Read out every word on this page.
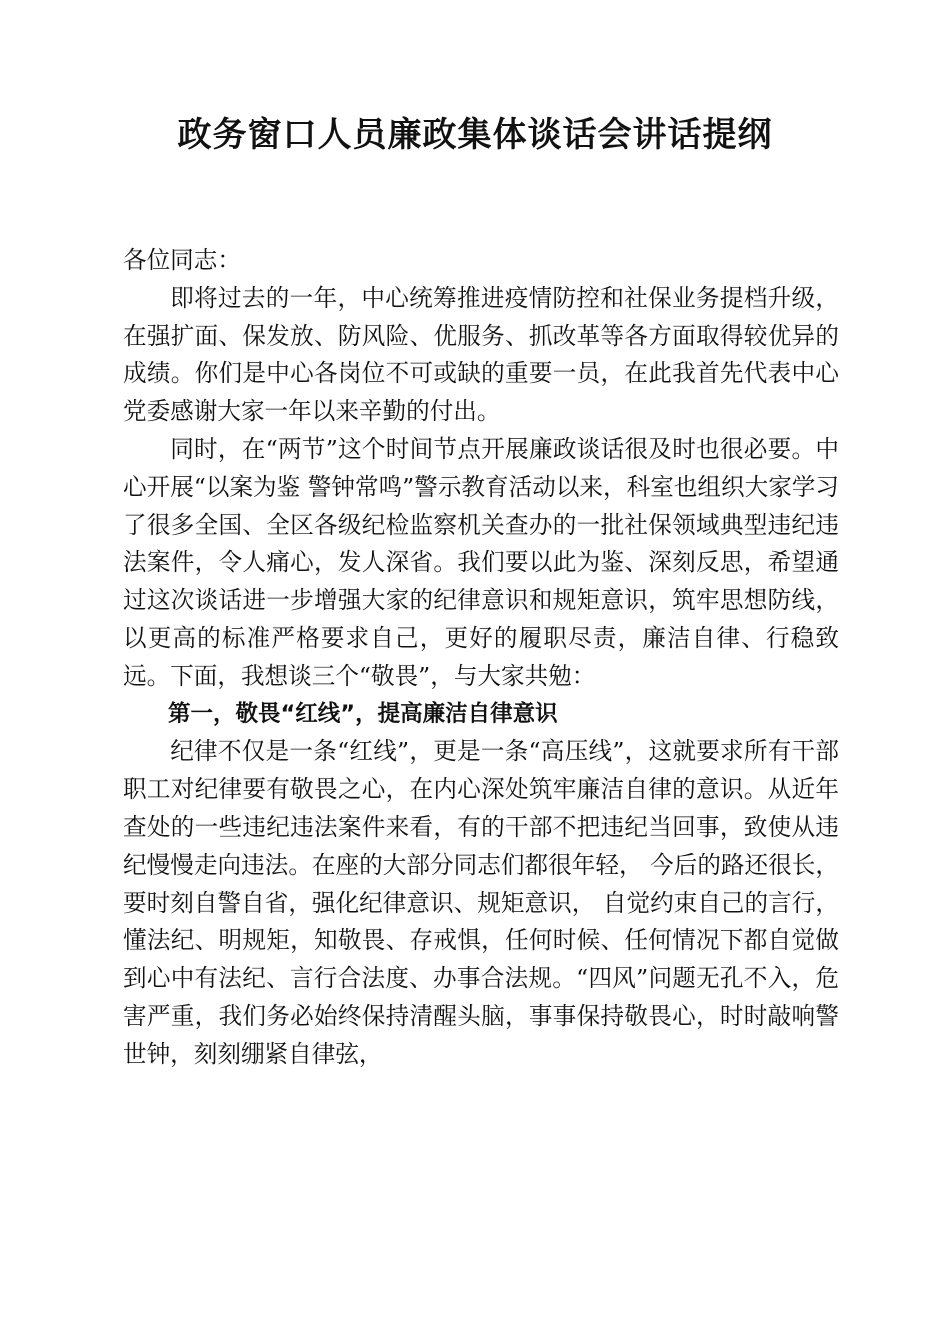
政务窗口人员廉政集体谈话会讲话提纲

各位同志：

即将过去的一年，中心统筹推进疫情防控和社保业务提档升级，在强扩面、保发放、防风险、优服务、抓改革等各方面取得较优异的成绩。你们是中心各岗位不可或缺的重要一员，在此我首先代表中心党委感谢大家一年以来辛勤的付出。

同时，在“两节”这个时间节点开展廉政谈话很及时也很必要。中心开展“以案为鉴 警钟常鸣”警示教育活动以来，科室也组织大家学习了很多全国、全区各级纪检监察机关查办的一批社保领域典型违纪违法案件，令人痛心，发人深省。我们要以此为鉴、深刻反思，希望通过这次谈话进一步增强大家的纪律意识和规矩意识，筑牢思想防线，以更高的标准严格要求自己，更好的履职尽责，廉洁自律、行稳致远。下面，我想谈三个“敬畏”，与大家共勉：

第一，敬畏“红线”，提高廉洁自律意识

纪律不仅是一条“红线”，更是一条“高压线”，这就要求所有干部职工对纪律要有敬畏之心，在内心深处筑牢廉洁自律的意识。从近年查处的一些违纪违法案件来看，有的干部不把违纪当回事，致使从违纪慢慢走向违法。在座的大部分同志们都很年轻， 今后的路还很长，要时刻自警自省，强化纪律意识、规矩意识， 自觉约束自己的言行，懂法纪、明规矩，知敬畏、存戒惧，任何时候、任何情况下都自觉做到心中有法纪、言行合法度、办事合法规。“四风”问题无孔不入，危害严重，我们务必始终保持清醒头脑，事事保持敬畏心，时时敲响警世钟，刻刻绷紧自律弦，
